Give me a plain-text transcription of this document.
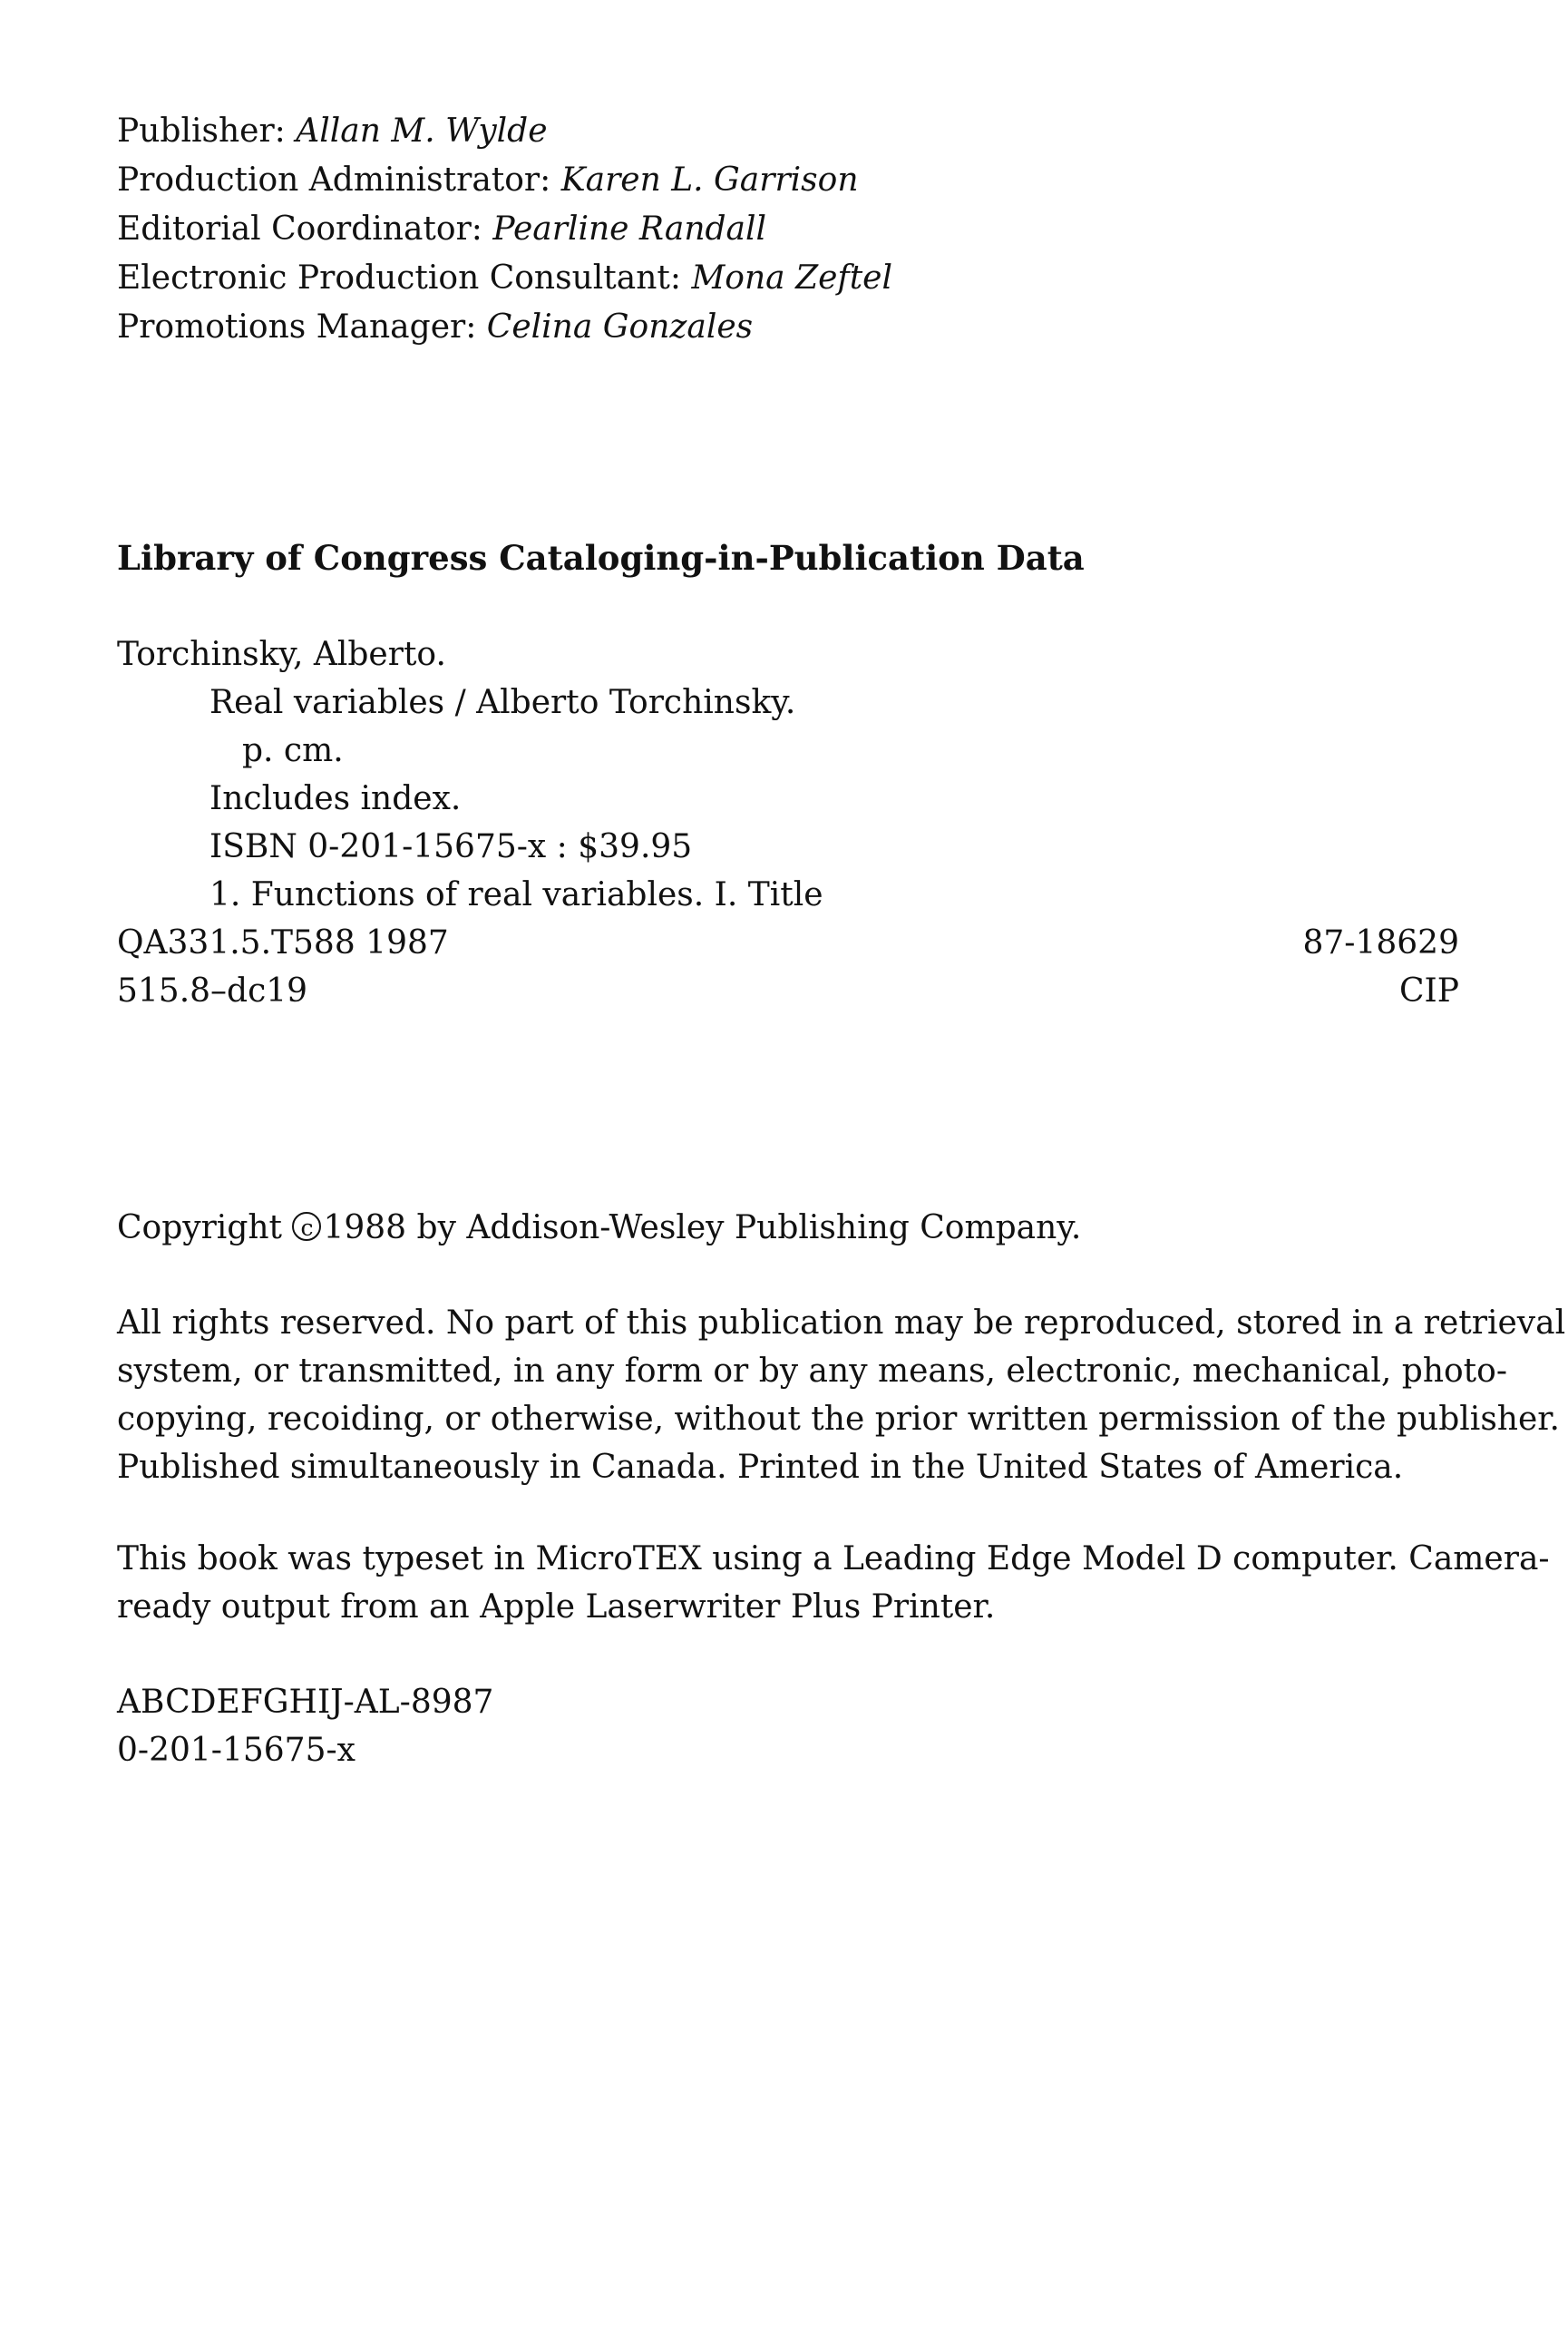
Publisher: Allan M. Wylde
Production Administrator: Karen L. Garrison
Editorial Coordinator: Pearline Randall
Electronic Production Consultant: Mona Zeftel
Promotions Manager: Celina Gonzales
Library of Congress Cataloging-in-Publication Data
Torchinsky, Alberto.
Real variables / Alberto Torchinsky.
p. cm.
Includes index.
ISBN 0-201-15675-x : $39.95
1. Functions of real variables. I. Title
QA331.5.T588 1987	87-18629
515.8–dc19	CIP
Copyright c 1988 by Addison-Wesley Publishing Company.
All rights reserved. No part of this publication may be reproduced, stored in a retrieval
system, or transmitted, in any form or by any means, electronic, mechanical, photo-
copying, recoiding, or otherwise, without the prior written permission of the publisher.
Published simultaneously in Canada. Printed in the United States of America.
This book was typeset in MicroTEX using a Leading Edge Model D computer. Camera-
ready output from an Apple Laserwriter Plus Printer.
ABCDEFGHIJ-AL-8987
0-201-15675-x
